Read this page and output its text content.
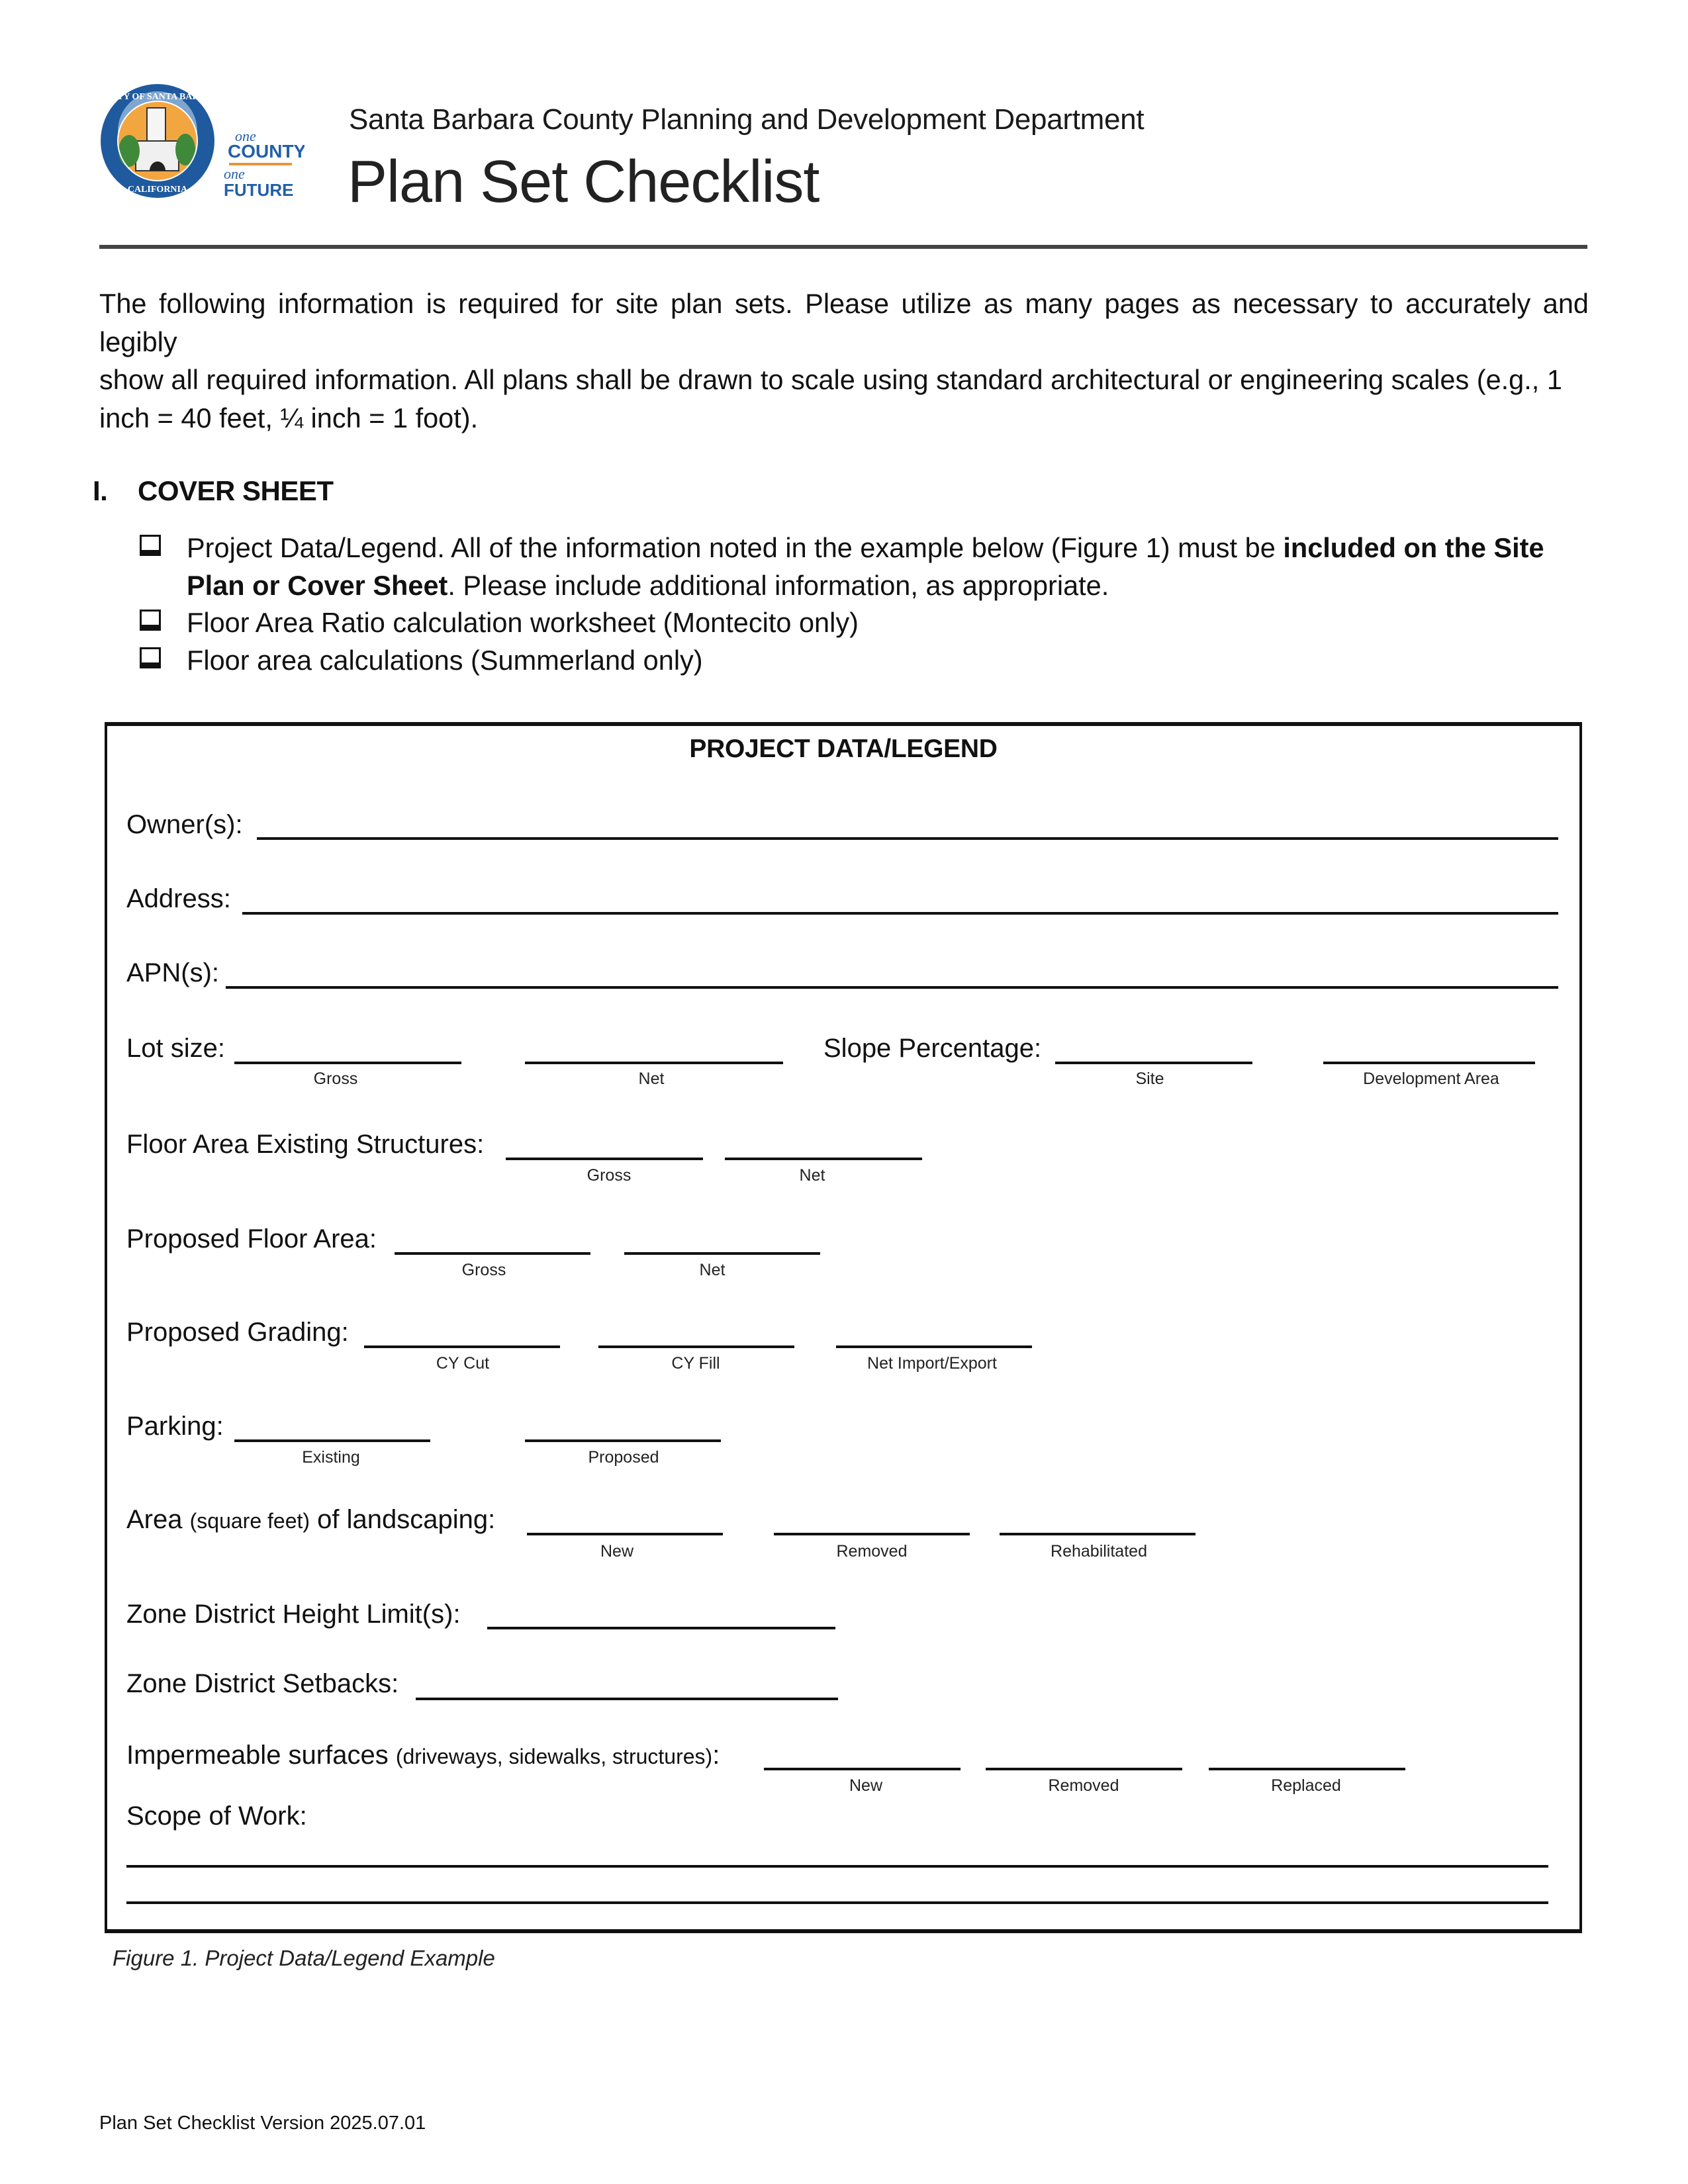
COUNTY OF SANTA BARBARA
CALIFORNIA
one
COUNTY
one
FUTURE
Santa Barbara County Planning and Development Department
Plan Set Checklist
The following information is required for site plan sets. Please utilize as many pages as necessary to accurately and legibly
show all required information. All plans shall be drawn to scale using standard architectural or engineering scales (e.g., 1
inch = 40 feet, ¼ inch = 1 foot).
I. COVER SHEET
Project Data/Legend. All of the information noted in the example below (Figure 1) must be included on the Site
Plan or Cover Sheet. Please include additional information, as appropriate.
Floor Area Ratio calculation worksheet (Montecito only)
Floor area calculations (Summerland only)
PROJECT DATA/LEGEND
Owner(s):
Address:
APN(s):
Lot size:
Gross	Net
Slope Percentage:
Site	Development Area
Floor Area Existing Structures:
Gross	Net
Proposed Floor Area:
Gross	Net
Proposed Grading:
CY Cut	CY Fill	Net Import/Export
Parking:
Existing	Proposed
Area (square feet) of landscaping:
New	Removed	Rehabilitated
Zone District Height Limit(s):
Zone District Setbacks:
Impermeable surfaces (driveways, sidewalks, structures):
New	Removed	Replaced
Scope of Work:
Figure 1. Project Data/Legend Example
Plan Set Checklist Version 2025.07.01
